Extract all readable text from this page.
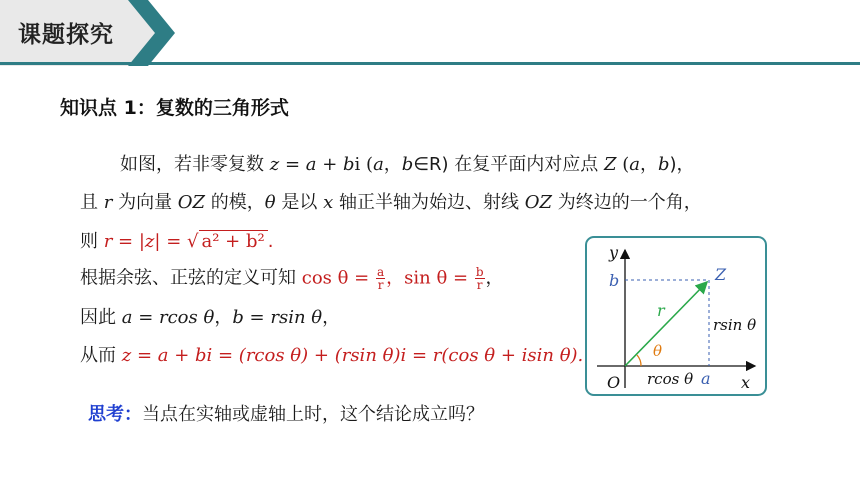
课题探究
知识点 1：复数的三角形式
如图，若非零复数 z = a + bi (a，b∈R) 在复平面内对应点 Z (a，b)，
且 r 为向量 OZ 的模，θ 是以 x 轴正半轴为始边、射线 OZ 为终边的一个角，
则 r = |z| = √ a² + b² .
根据余弦、正弦的定义可知 $\cos \theta = \frac{a}{r}$ ，$\sin \theta = \frac{b}{r}$ ，
因此 a = rcos θ，b = rsin θ，
从而 z = a + bi = (rcos θ) + (rsin θ)i = r(cos θ + isin θ).
思考：当点在实轴或虚轴上时，这个结论成立吗？
y
x
O
b
a
Z
r
θ
rsin θ
rcos θ
